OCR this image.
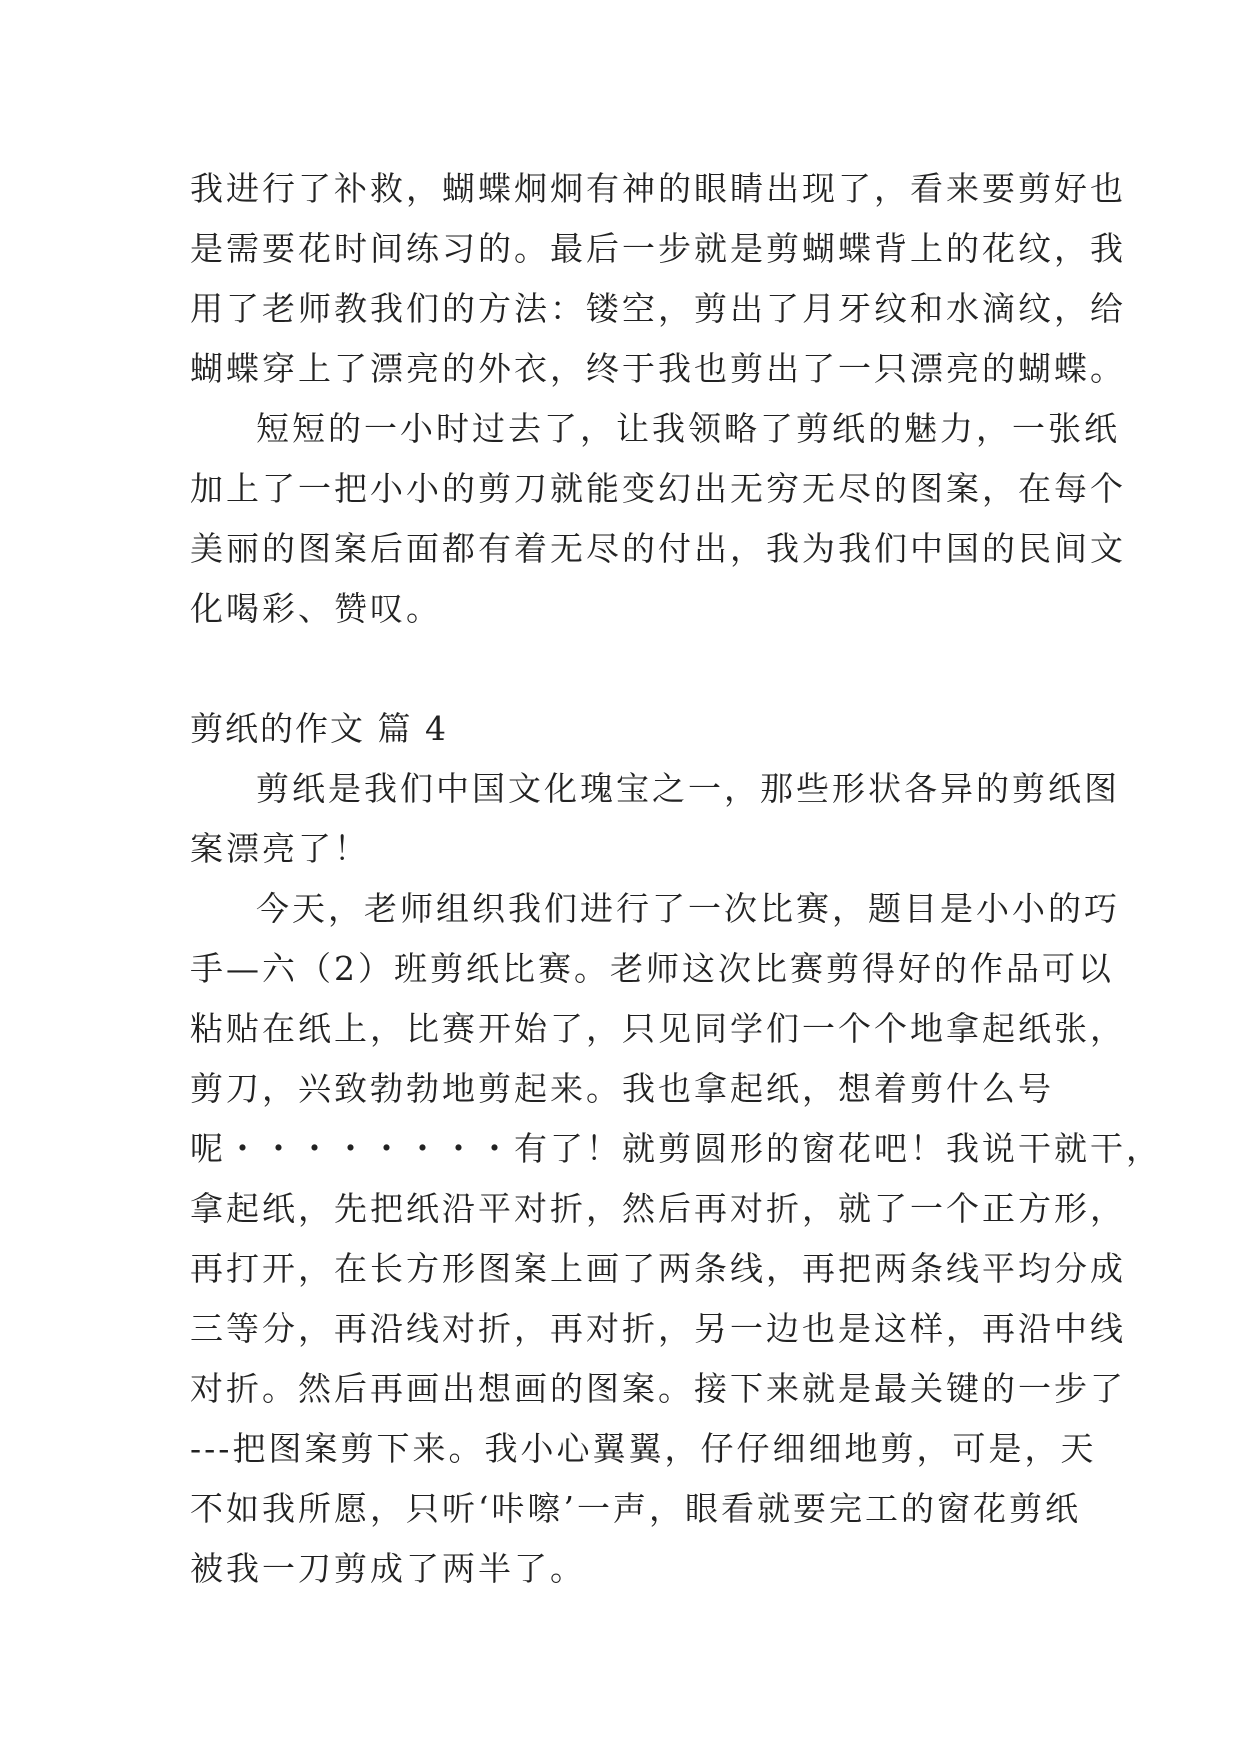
我进行了补救，蝴蝶炯炯有神的眼睛出现了，看来要剪好也
是需要花时间练习的。最后一步就是剪蝴蝶背上的花纹，我
用了老师教我们的方法：镂空，剪出了月牙纹和水滴纹，给
蝴蝶穿上了漂亮的外衣，终于我也剪出了一只漂亮的蝴蝶。
短短的一小时过去了，让我领略了剪纸的魅力，一张纸
加上了一把小小的剪刀就能变幻出无穷无尽的图案，在每个
美丽的图案后面都有着无尽的付出，我为我们中国的民间文
化喝彩、赞叹。
剪纸的作文 篇 4
剪纸是我们中国文化瑰宝之一，那些形状各异的剪纸图
案漂亮了！
今天，老师组织我们进行了一次比赛，题目是小小的巧
手—六（2）班剪纸比赛。老师这次比赛剪得好的作品可以
粘贴在纸上，比赛开始了，只见同学们一个个地拿起纸张，
剪刀，兴致勃勃地剪起来。我也拿起纸，想着剪什么号
呢・・・・・・・・有了！就剪圆形的窗花吧！我说干就干，
拿起纸，先把纸沿平对折，然后再对折，就了一个正方形，
再打开，在长方形图案上画了两条线，再把两条线平均分成
三等分，再沿线对折，再对折，另一边也是这样，再沿中线
对折。然后再画出想画的图案。接下来就是最关键的一步了
---把图案剪下来。我小心翼翼，仔仔细细地剪，可是，天
不如我所愿，只听‘咔嚓’一声，眼看就要完工的窗花剪纸
被我一刀剪成了两半了。
